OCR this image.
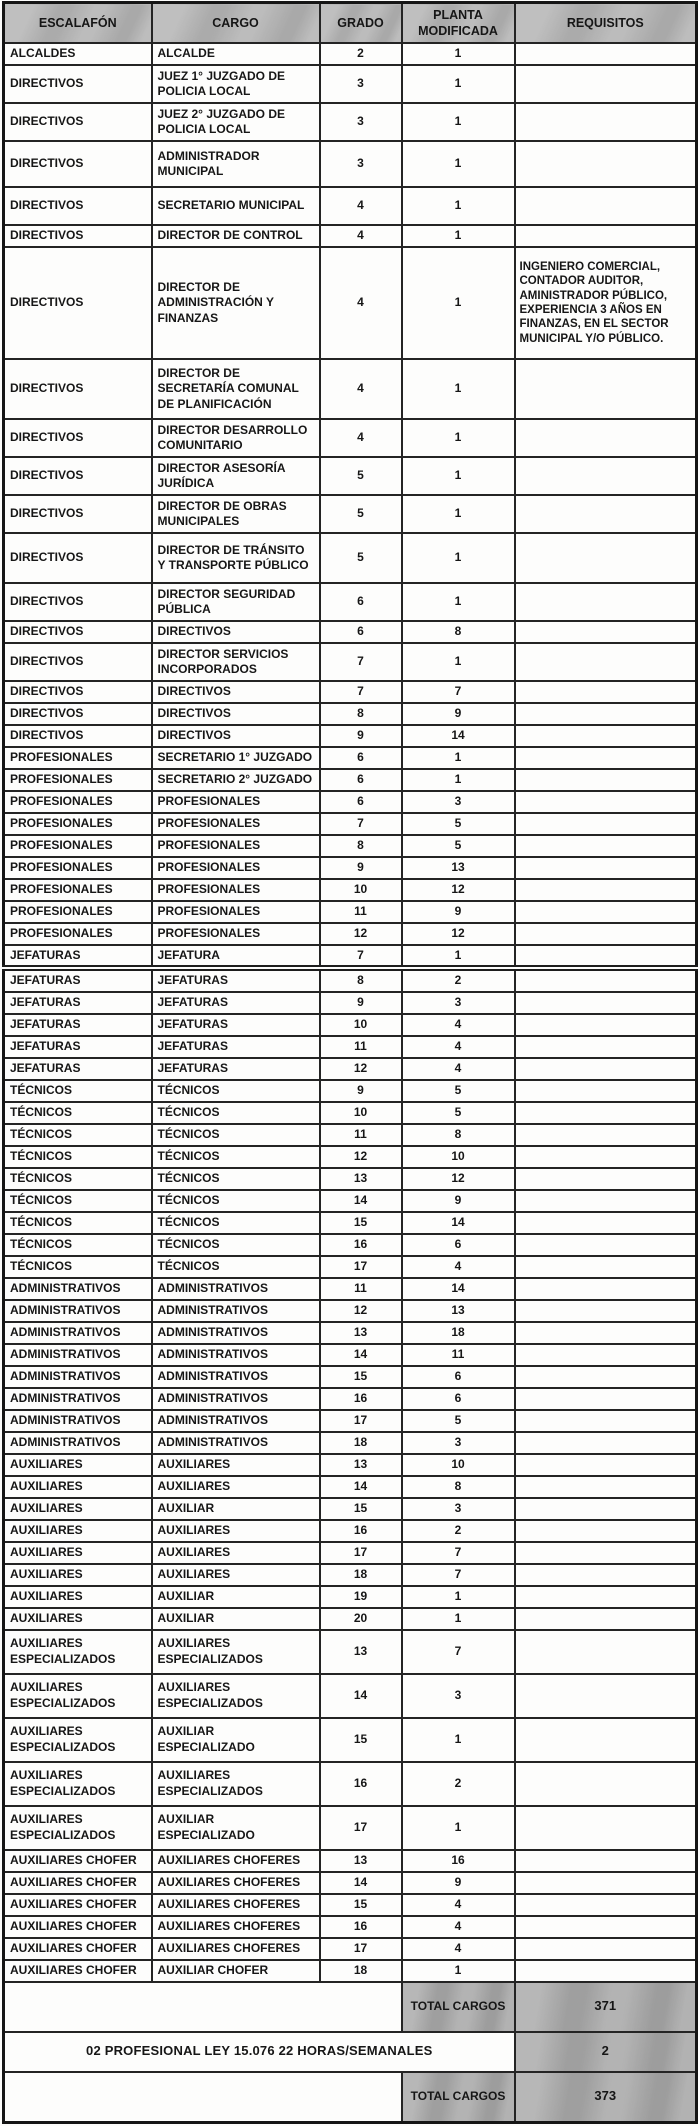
ESCALAFÓN	CARGO	GRADO	PLANTA MODIFICADA	REQUISITOS
ALCALDES	ALCALDE	2	1	
DIRECTIVOS	JUEZ 1° JUZGADO DE POLICIA LOCAL	3	1	
DIRECTIVOS	JUEZ 2° JUZGADO DE POLICIA LOCAL	3	1	
DIRECTIVOS	ADMINISTRADOR MUNICIPAL	3	1	
DIRECTIVOS	SECRETARIO MUNICIPAL	4	1	
DIRECTIVOS	DIRECTOR DE CONTROL	4	1	
DIRECTIVOS	DIRECTOR DE ADMINISTRACIÓN Y FINANZAS	4	1	INGENIERO COMERCIAL, CONTADOR AUDITOR, AMINISTRADOR PÚBLICO, EXPERIENCIA 3 AÑOS EN FINANZAS, EN EL SECTOR MUNICIPAL Y/O PÚBLICO.
DIRECTIVOS	DIRECTOR DE SECRETARÍA COMUNAL DE PLANIFICACIÓN	4	1	
DIRECTIVOS	DIRECTOR DESARROLLO COMUNITARIO	4	1	
DIRECTIVOS	DIRECTOR ASESORÍA JURÍDICA	5	1	
DIRECTIVOS	DIRECTOR DE OBRAS MUNICIPALES	5	1	
DIRECTIVOS	DIRECTOR DE TRÁNSITO Y TRANSPORTE PÚBLICO	5	1	
DIRECTIVOS	DIRECTOR SEGURIDAD PÚBLICA	6	1	
DIRECTIVOS	DIRECTIVOS	6	8	
DIRECTIVOS	DIRECTOR SERVICIOS INCORPORADOS	7	1	
DIRECTIVOS	DIRECTIVOS	7	7	
DIRECTIVOS	DIRECTIVOS	8	9	
DIRECTIVOS	DIRECTIVOS	9	14	
PROFESIONALES	SECRETARIO 1° JUZGADO	6	1	
PROFESIONALES	SECRETARIO 2° JUZGADO	6	1	
PROFESIONALES	PROFESIONALES	6	3	
PROFESIONALES	PROFESIONALES	7	5	
PROFESIONALES	PROFESIONALES	8	5	
PROFESIONALES	PROFESIONALES	9	13	
PROFESIONALES	PROFESIONALES	10	12	
PROFESIONALES	PROFESIONALES	11	9	
PROFESIONALES	PROFESIONALES	12	12	
JEFATURAS	JEFATURA	7	1	
JEFATURAS	JEFATURAS	8	2	
JEFATURAS	JEFATURAS	9	3	
JEFATURAS	JEFATURAS	10	4	
JEFATURAS	JEFATURAS	11	4	
JEFATURAS	JEFATURAS	12	4	
TÉCNICOS	TÉCNICOS	9	5	
TÉCNICOS	TÉCNICOS	10	5	
TÉCNICOS	TÉCNICOS	11	8	
TÉCNICOS	TÉCNICOS	12	10	
TÉCNICOS	TÉCNICOS	13	12	
TÉCNICOS	TÉCNICOS	14	9	
TÉCNICOS	TÉCNICOS	15	14	
TÉCNICOS	TÉCNICOS	16	6	
TÉCNICOS	TÉCNICOS	17	4	
ADMINISTRATIVOS	ADMINISTRATIVOS	11	14	
ADMINISTRATIVOS	ADMINISTRATIVOS	12	13	
ADMINISTRATIVOS	ADMINISTRATIVOS	13	18	
ADMINISTRATIVOS	ADMINISTRATIVOS	14	11	
ADMINISTRATIVOS	ADMINISTRATIVOS	15	6	
ADMINISTRATIVOS	ADMINISTRATIVOS	16	6	
ADMINISTRATIVOS	ADMINISTRATIVOS	17	5	
ADMINISTRATIVOS	ADMINISTRATIVOS	18	3	
AUXILIARES	AUXILIARES	13	10	
AUXILIARES	AUXILIARES	14	8	
AUXILIARES	AUXILIAR	15	3	
AUXILIARES	AUXILIARES	16	2	
AUXILIARES	AUXILIARES	17	7	
AUXILIARES	AUXILIARES	18	7	
AUXILIARES	AUXILIAR	19	1	
AUXILIARES	AUXILIAR	20	1	
AUXILIARES ESPECIALIZADOS	AUXILIARES ESPECIALIZADOS	13	7	
AUXILIARES ESPECIALIZADOS	AUXILIARES ESPECIALIZADOS	14	3	
AUXILIARES ESPECIALIZADOS	AUXILIAR ESPECIALIZADO	15	1	
AUXILIARES ESPECIALIZADOS	AUXILIARES ESPECIALIZADOS	16	2	
AUXILIARES ESPECIALIZADOS	AUXILIAR ESPECIALIZADO	17	1	
AUXILIARES CHOFER	AUXILIARES CHOFERES	13	16	
AUXILIARES CHOFER	AUXILIARES CHOFERES	14	9	
AUXILIARES CHOFER	AUXILIARES CHOFERES	15	4	
AUXILIARES CHOFER	AUXILIARES CHOFERES	16	4	
AUXILIARES CHOFER	AUXILIARES CHOFERES	17	4	
AUXILIARES CHOFER	AUXILIAR CHOFER	18	1	
			TOTAL CARGOS	371
02 PROFESIONAL LEY 15.076 22 HORAS/SEMANALES				2
			TOTAL CARGOS	373
